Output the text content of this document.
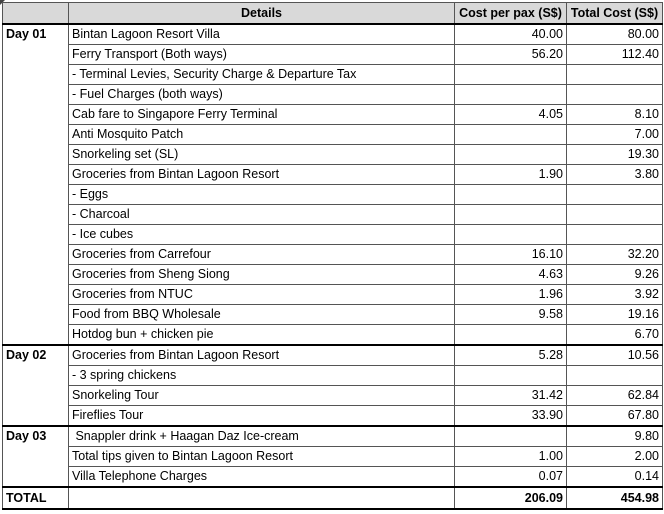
	Details	Cost per pax (S$)	Total Cost (S$)
Day 01	Bintan Lagoon Resort Villa	40.00	80.00
	Ferry Transport (Both ways)	56.20	112.40
	- Terminal Levies, Security Charge & Departure Tax		
	- Fuel Charges (both ways)		
	Cab fare to Singapore Ferry Terminal	4.05	8.10
	Anti Mosquito Patch		7.00
	Snorkeling set (SL)		19.30
	Groceries from Bintan Lagoon Resort	1.90	3.80
	- Eggs		
	- Charcoal		
	- Ice cubes		
	Groceries from Carrefour	16.10	32.20
	Groceries from Sheng Siong	4.63	9.26
	Groceries from NTUC	1.96	3.92
	Food from BBQ Wholesale	9.58	19.16
	Hotdog bun + chicken pie		6.70
Day 02	Groceries from Bintan Lagoon Resort	5.28	10.56
	- 3 spring chickens		
	Snorkeling Tour	31.42	62.84
	Fireflies Tour	33.90	67.80
Day 03	Snappler drink + Haagan Daz Ice-cream		9.80
	Total tips given to Bintan Lagoon Resort	1.00	2.00
	Villa Telephone Charges	0.07	0.14
TOTAL		206.09	454.98
